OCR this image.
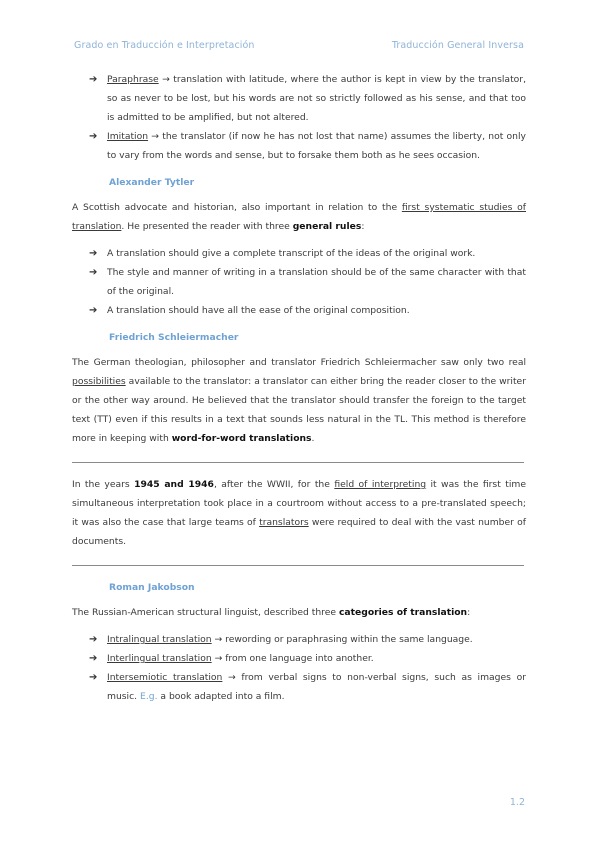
Grado en Traducción e Interpretación	Traducción General Inversa
➔ Paraphrase → translation with latitude, where the author is kept in view by the translator, so as never to be lost, but his words are not so strictly followed as his sense, and that too is admitted to be amplified, but not altered.
➔ Imitation → the translator (if now he has not lost that name) assumes the liberty, not only to vary from the words and sense, but to forsake them both as he sees occasion.
Alexander Tytler

A Scottish advocate and historian, also important in relation to the first systematic studies of translation. He presented the reader with three general rules:

➔ A translation should give a complete transcript of the ideas of the original work.
➔ The style and manner of writing in a translation should be of the same character with that of the original.
➔ A translation should have all the ease of the original composition.
Friedrich Schleiermacher

The German theologian, philosopher and translator Friedrich Schleiermacher saw only two real possibilities available to the translator: a translator can either bring the reader closer to the writer or the other way around. He believed that the translator should transfer the foreign to the target text (TT) even if this results in a text that sounds less natural in the TL. This method is therefore more in keeping with word-for-word translations.

In the years 1945 and 1946, after the WWII, for the field of interpreting it was the first time simultaneous interpretation took place in a courtroom without access to a pre-translated speech; it was also the case that large teams of translators were required to deal with the vast number of documents.

Roman Jakobson

The Russian-American structural linguist, described three categories of translation:

➔ Intralingual translation → rewording or paraphrasing within the same language.
➔ Interlingual translation → from one language into another.
➔ Intersemiotic translation → from verbal signs to non-verbal signs, such as images or music. E.g. a book adapted into a film.
1.2
